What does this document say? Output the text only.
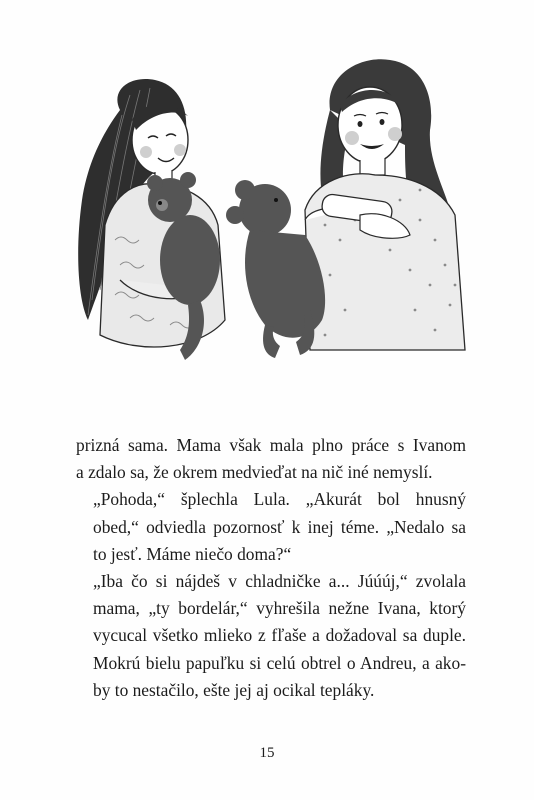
prizná sama. Mama však mala plno práce s Ivanom
a zdalo sa, že okrem medvieďat na nič iné nemyslí.

„Pohoda,“ šplechla Lula. „Akurát bol hnusný
obed,“ odviedla pozornosť k inej téme. „Nedalo sa
to jesť. Máme niečo doma?“

„Iba čo si nájdeš v chladničke a... Júúúj,“ zvolala
mama, „ty bordelár,“ vyhrešila nežne Ivana, ktorý
vycucal všetko mlieko z fľaše a dožadoval sa duple.
Mokrú bielu papuľku si celú obtrel o Andreu, a ako-
by to nestačilo, ešte jej aj ocikal tepláky.

15
